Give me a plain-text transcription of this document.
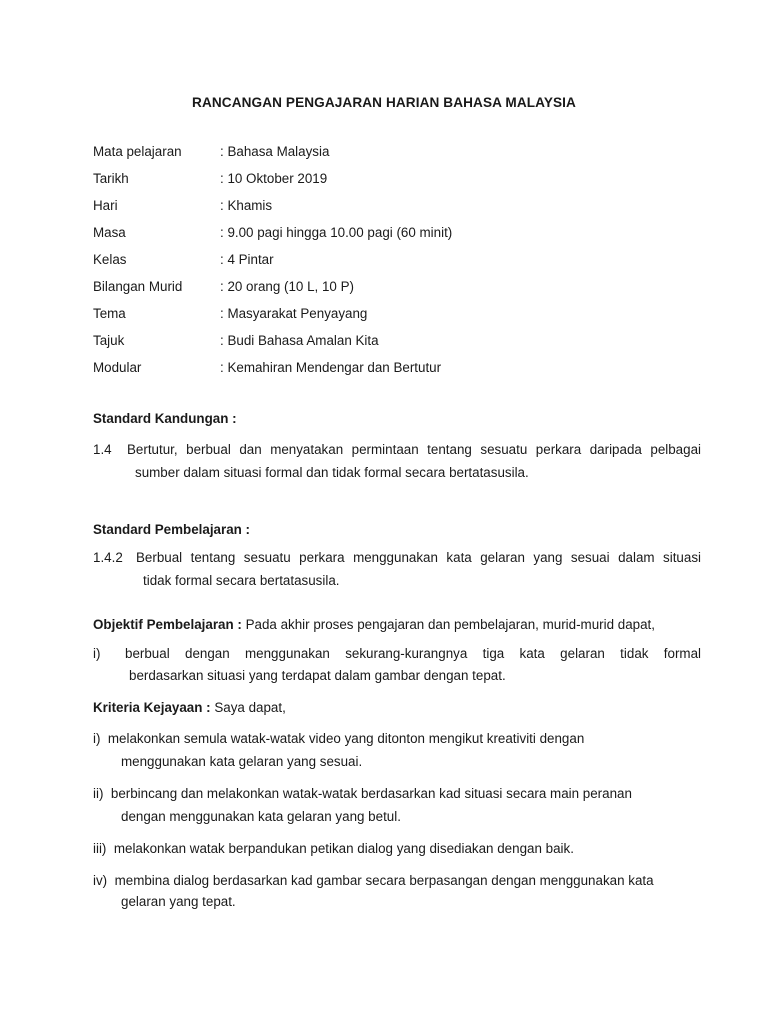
RANCANGAN PENGAJARAN HARIAN BAHASA MALAYSIA
Mata pelajaran	: Bahasa Malaysia
Tarikh	: 10 Oktober 2019
Hari	: Khamis
Masa	: 9.00 pagi hingga 10.00 pagi (60 minit)
Kelas	: 4 Pintar
Bilangan Murid	: 20 orang (10 L, 10 P)
Tema	: Masyarakat Penyayang
Tajuk	: Budi Bahasa Amalan Kita
Modular	: Kemahiran Mendengar dan Bertutur
Standard Kandungan :
1.4 Bertutur, berbual dan menyatakan permintaan tentang sesuatu perkara daripada pelbagai
sumber dalam situasi formal dan tidak formal secara bertatasusila.
Standard Pembelajaran :
1.4.2 Berbual tentang sesuatu perkara menggunakan kata gelaran yang sesuai dalam situasi
tidak formal secara bertatasusila.
Objektif Pembelajaran : Pada akhir proses pengajaran dan pembelajaran, murid-murid dapat,
i) berbual dengan menggunakan sekurang-kurangnya tiga kata gelaran tidak formal
berdasarkan situasi yang terdapat dalam gambar dengan tepat.
Kriteria Kejayaan : Saya dapat,
i) melakonkan semula watak-watak video yang ditonton mengikut kreativiti dengan
menggunakan kata gelaran yang sesuai.
ii) berbincang dan melakonkan watak-watak berdasarkan kad situasi secara main peranan
dengan menggunakan kata gelaran yang betul.
iii) melakonkan watak berpandukan petikan dialog yang disediakan dengan baik.
iv) membina dialog berdasarkan kad gambar secara berpasangan dengan menggunakan kata
gelaran yang tepat.
